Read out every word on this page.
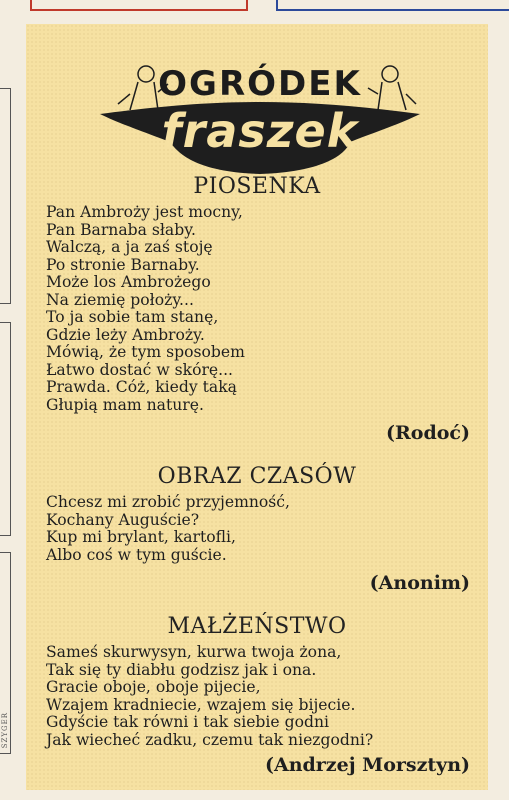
SZYGER
OGRÓDEK
fraszek
PIOSENKA
Pan Ambroży jest mocny,
Pan Barnaba słaby.
Walczą, a ja zaś stoję
Po stronie Barnaby.
Może los Ambrożego
Na ziemię położy...
To ja sobie tam stanę,
Gdzie leży Ambroży.
Mówią, że tym sposobem
Łatwo dostać w skórę...
Prawda. Cóż, kiedy taką
Głupią mam naturę.
(Rodoć)
OBRAZ CZASÓW
Chcesz mi zrobić przyjemność,
Kochany Auguście?
Kup mi brylant, kartofli,
Albo coś w tym guście.
(Anonim)
MAŁŻEŃSTWO
Sameś skurwysyn, kurwa twoja żona,
Tak się ty diabłu godzisz jak i ona.
Gracie oboje, oboje pijecie,
Wzajem kradniecie, wzajem się bijecie.
Gdyście tak równi i tak siebie godni
Jak wiecheć zadku, czemu tak niezgodni?
(Andrzej Morsztyn)
